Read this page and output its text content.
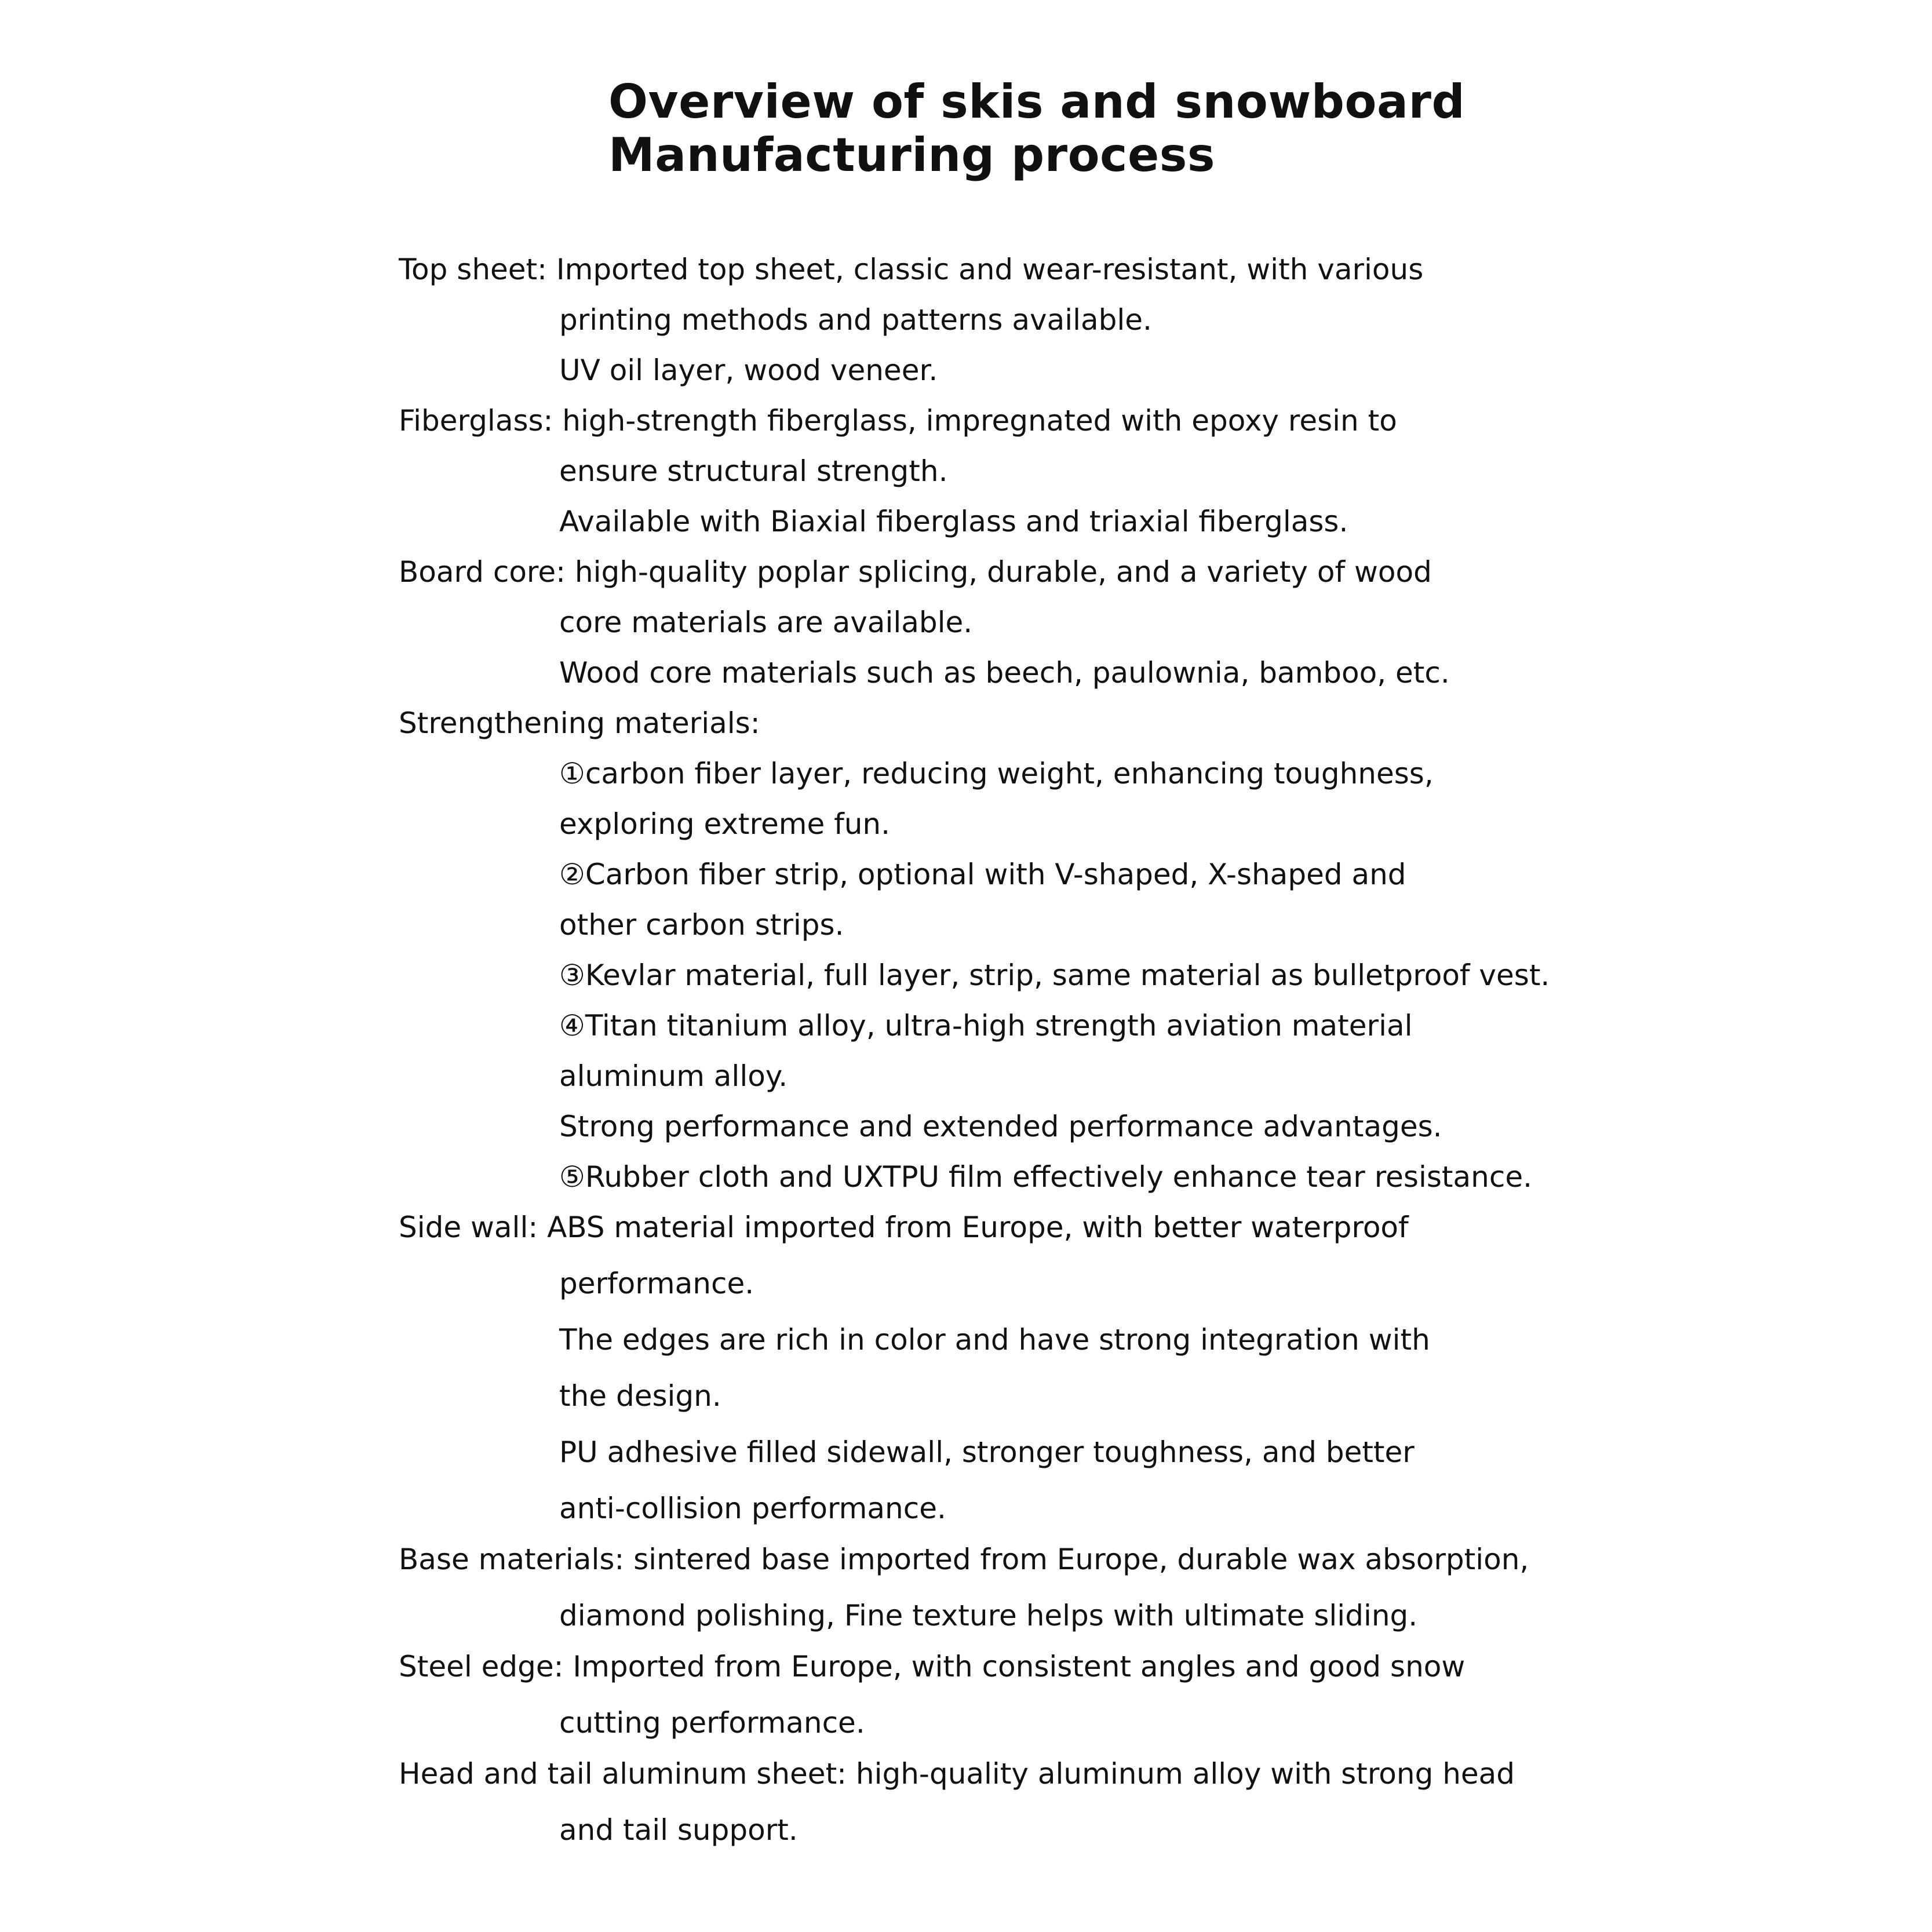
Overview of skis and snowboard
Manufacturing process
Top sheet: Imported top sheet, classic and wear-resistant, with various
printing methods and patterns available.
UV oil layer, wood veneer.
Fiberglass: high-strength fiberglass, impregnated with epoxy resin to
ensure structural strength.
Available with Biaxial fiberglass and triaxial fiberglass.
Board core: high-quality poplar splicing, durable, and a variety of wood
core materials are available.
Wood core materials such as beech, paulownia, bamboo, etc.
Strengthening materials:
①carbon fiber layer, reducing weight, enhancing toughness,
exploring extreme fun.
②Carbon fiber strip, optional with V-shaped, X-shaped and
other carbon strips.
③Kevlar material, full layer, strip, same material as bulletproof vest.
④Titan titanium alloy, ultra-high strength aviation material
aluminum alloy.
Strong performance and extended performance advantages.
⑤Rubber cloth and UXTPU film effectively enhance tear resistance.
Side wall: ABS material imported from Europe, with better waterproof
performance.
The edges are rich in color and have strong integration with
the design.
PU adhesive filled sidewall, stronger toughness, and better
anti-collision performance.
Base materials: sintered base imported from Europe, durable wax absorption,
diamond polishing, Fine texture helps with ultimate sliding.
Steel edge: Imported from Europe, with consistent angles and good snow
cutting performance.
Head and tail aluminum sheet: high-quality aluminum alloy with strong head
and tail support.
